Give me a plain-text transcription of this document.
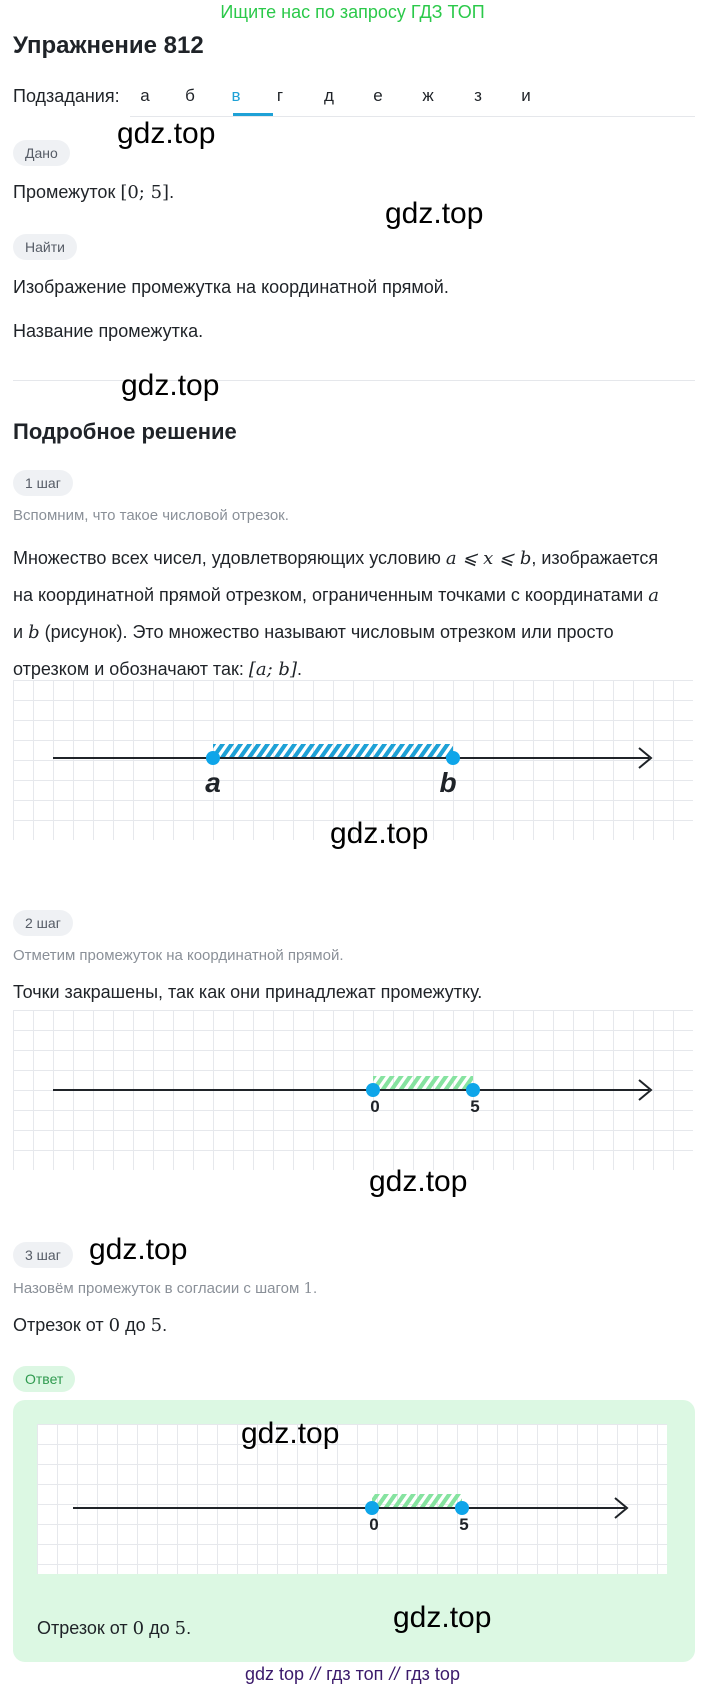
Ищите нас по запросу ГДЗ ТОП
Упражнение 812
Подзадания:	а	б	в	г	д	е	ж	з	и
Дано
Промежуток [0; 5].
Найти
Изображение промежутка на координатной прямой.
Название промежутка.
Подробное решение
1 шаг
Вспомним, что такое числовой отрезок.
Множество всех чисел, удовлетворяющих условию a ⩽ x ⩽ b, изображается
на координатной прямой отрезком, ограниченным точками с координатами a
и b (рисунок). Это множество называют числовым отрезком или просто
отрезком и обозначают так: [a; b].
a	b
2 шаг
Отметим промежуток на координатной прямой.
Точки закрашены, так как они принадлежат промежутку.
0	5
3 шаг
Назовём промежуток в согласии с шагом 1.
Отрезок от 0 до 5.
Ответ
0	5
Отрезок от 0 до 5.
gdz.top
gdz.top
gdz.top
gdz.top
gdz.top
gdz.top
gdz.top
gdz.top
gdz top // гдз топ // гдз top
